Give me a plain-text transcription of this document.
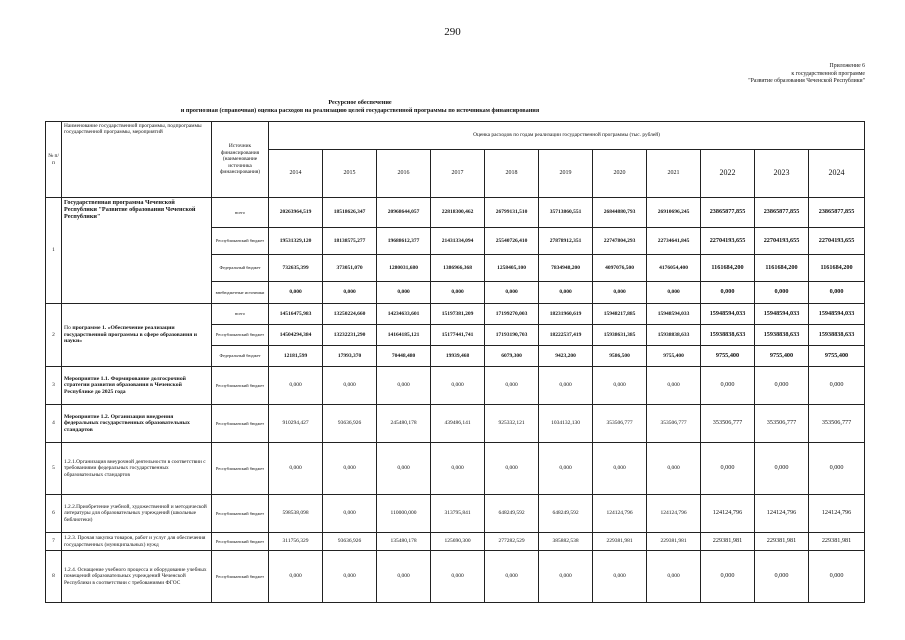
290
Приложение 6
к государственной программе
"Развитие образования Чеченской Республики"
Ресурсное обеспечение
и прогнозная (справочная) оценка расходов на реализацию целей государственной программы по источникам финансирования
№ п/п	Наименование государственной программы, подпрограммы государственной программы, мероприятий	Источник финансирования (наименование источника финансирования)	Оценка расходов по годам реализации государственной программы (тыс. рублей)										
			2014	2015	2016	2017	2018	2019	2020	2021	2022	2023	2024
1	Государственная программа Чеченской Республики "Развитие образования Чеченской Республики"	всего	20263964,519	18518626,347	20968644,057	22818300,462	26799131,510	35713860,551	26844880,793	26910696,245	23865877,855	23865877,855	23865877,855
		Республиканский бюджет	19531329,120	18138575,277	19688612,377	21431334,094	25540726,410	27878912,351	22747804,293	22734641,845	22704193,655	22704193,655	22704193,655
		Федеральный бюджет	732635,399	373051,070	1280031,680	1386966,368	1258405,100	7834948,200	4097076,500	4176054,400	1161684,200	1161684,200	1161684,200
		внебюджетные источники	0,000	0,000	0,000	0,000	0,000	0,000	0,000	0,000	0,000	0,000	0,000
2	По программе 1. «Обеспечение реализации государственной программы в сфере образования и науки»	всего	14516475,983	13250224,660	14234633,601	15197381,209	17199270,003	18231960,619	15948217,885	15948594,033	15948594,033	15948594,033	15948594,033
		Республиканский бюджет	14504294,384	13232231,290	14164185,121	15177441,741	17193190,703	18222537,419	15938631,385	15938838,633	15938838,633	15938838,633	15938838,633
		Федеральный бюджет	12181,599	17993,370	70448,480	19939,468	6079,300	9423,200	9586,500	9755,400	9755,400	9755,400	9755,400
3	Мероприятие 1.1. Формирование долгосрочной стратегии развития образования в Чеченской Республике до 2025 года	Республиканский бюджет	0,000	0,000	0,000	0,000	0,000	0,000	0,000	0,000	0,000	0,000	0,000
4	Мероприятие 1.2. Организация внедрения федеральных государственных образовательных стандартов	Республиканский бюджет	910294,427	93636,926	245480,178	439486,141	925332,121	1034132,130	353506,777	353506,777	353506,777	353506,777	353506,777
5	1.2.1.Организация внеурочной деятельности в соответствии с требованиями федеральных государственных образовательных стандартов	Республиканский бюджет	0,000	0,000	0,000	0,000	0,000	0,000	0,000	0,000	0,000	0,000	0,000
6	1.2.2.Приобретение учебной, художественной и методической литературы для образовательных учреждений (школьные библиотеки)	Республиканский бюджет	598538,098	0,000	110000,000	313795,841	648249,592	648249,592	124124,796	124124,796	124124,796	124124,796	124124,796
7	1.2.3. Прочая закупка товаров, работ и услуг для обеспечения государственных (муниципальных) нужд	Республиканский бюджет	311756,329	93636,926	135480,178	125690,300	277282,529	385882,538	229381,981	229381,981	229381,981	229381,981	229381,981
8	1.2.4. Оснащение учебного процесса и оборудование учебных помещений образовательных учреждений Чеченской Республики в соответствии с требованиями ФГОС	Республиканский бюджет	0,000	0,000	0,000	0,000	0,000	0,000	0,000	0,000	0,000	0,000	0,000
